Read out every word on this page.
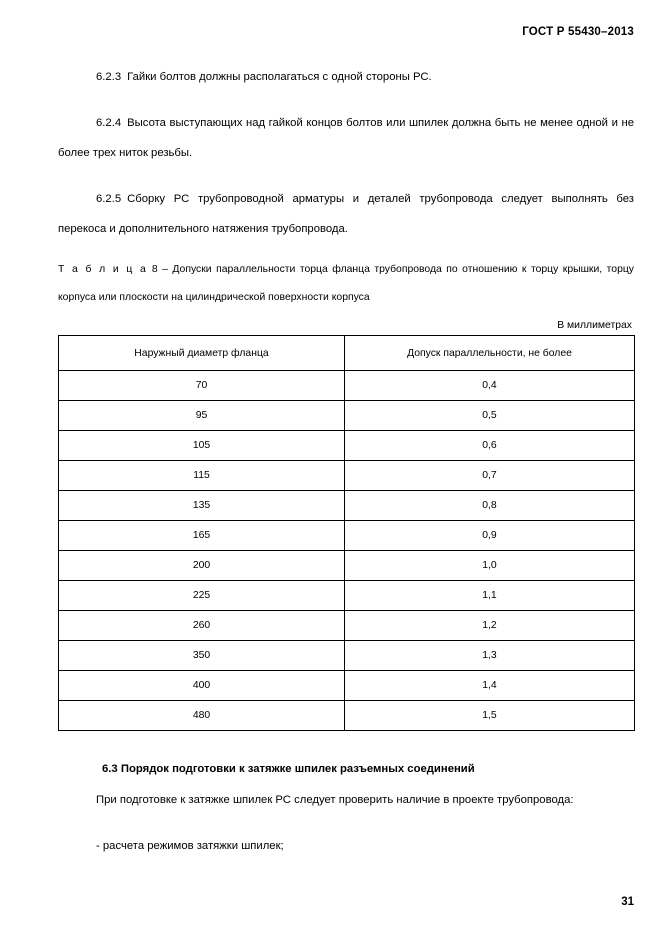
ГОСТ Р 55430–2013

6.2.3 Гайки болтов должны располагаться с одной стороны РС.

6.2.4 Высота выступающих над гайкой концов болтов или шпилек должна быть не менее одной и не более трех ниток резьбы.

6.2.5 Сборку РС трубопроводной арматуры и деталей трубопровода следует выполнять без перекоса и дополнительного натяжения трубопровода.

Т а б л и ц а 8 – Допуски параллельности торца фланца трубопровода по отношению к торцу крышки, торцу корпуса или плоскости на цилиндрической поверхности корпуса
В миллиметрах
Наружный диаметр фланца	Допуск параллельности, не более
70	0,4
95	0,5
105	0,6
115	0,7
135	0,8
165	0,9
200	1,0
225	1,1
260	1,2
350	1,3
400	1,4
480	1,5
6.3 Порядок подготовки к затяжке шпилек разъемных соединений

При подготовке к затяжке шпилек РС следует проверить наличие в проекте трубопровода:

- расчета режимов затяжки шпилек;

31
